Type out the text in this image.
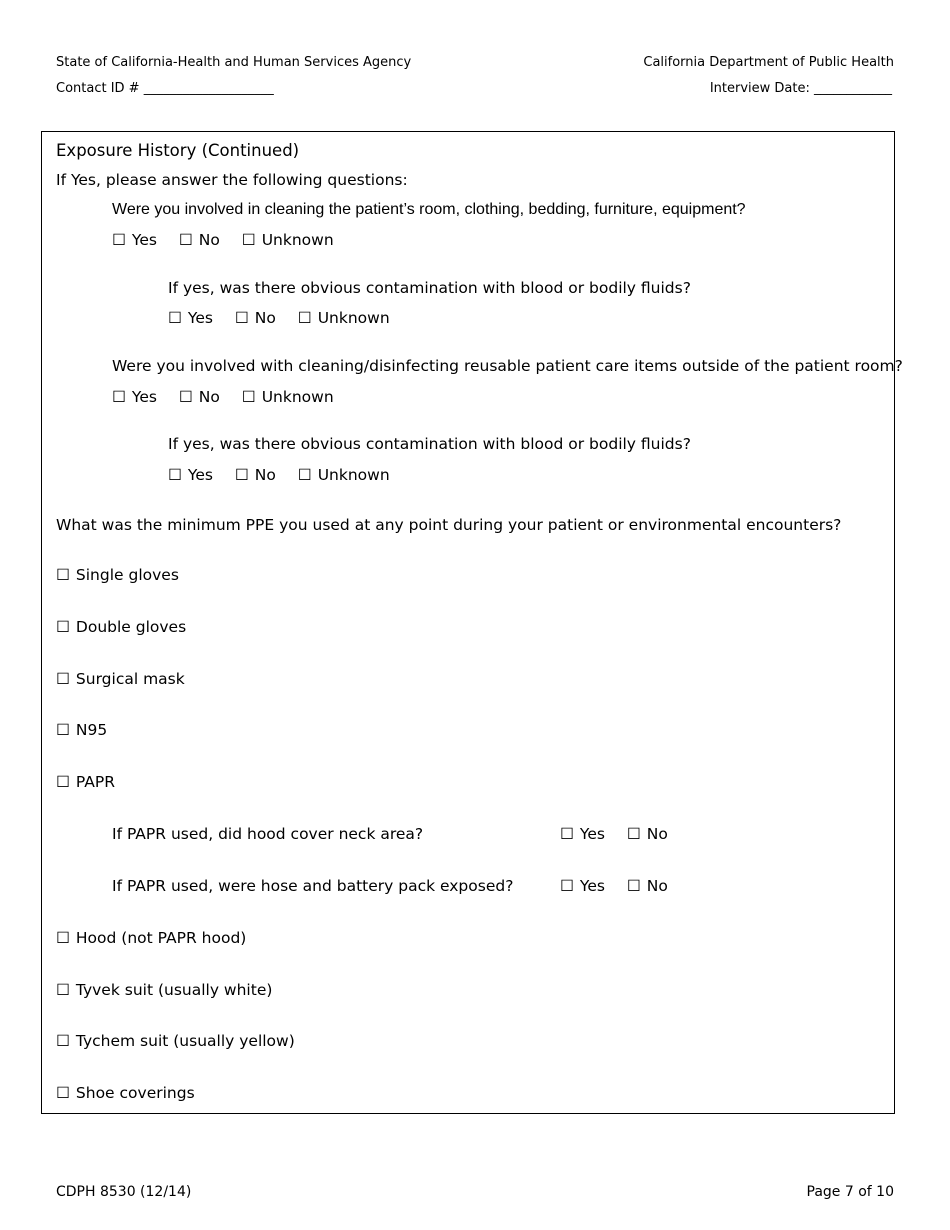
State of California-Health and Human Services Agency	California Department of Public Health
Contact ID # ____________________	Interview Date: ____________
Exposure History (Continued)
If Yes, please answer the following questions:
Were you involved in cleaning the patient’s room, clothing, bedding, furniture, equipment?
☐ Yes ☐ No ☐ Unknown
If yes, was there obvious contamination with blood or bodily fluids?
☐ Yes ☐ No ☐ Unknown
Were you involved with cleaning/disinfecting reusable patient care items outside of the patient room?
☐ Yes ☐ No ☐ Unknown
If yes, was there obvious contamination with blood or bodily fluids?
☐ Yes ☐ No ☐ Unknown
What was the minimum PPE you used at any point during your patient or environmental encounters?
☐ Single gloves
☐ Double gloves
☐ Surgical mask
☐ N95
☐ PAPR
If PAPR used, did hood cover neck area?	☐ Yes ☐ No
If PAPR used, were hose and battery pack exposed?	☐ Yes ☐ No
☐ Hood (not PAPR hood)
☐ Tyvek suit (usually white)
☐ Tychem suit (usually yellow)
☐ Shoe coverings
CDPH 8530 (12/14)	Page 7 of 10
